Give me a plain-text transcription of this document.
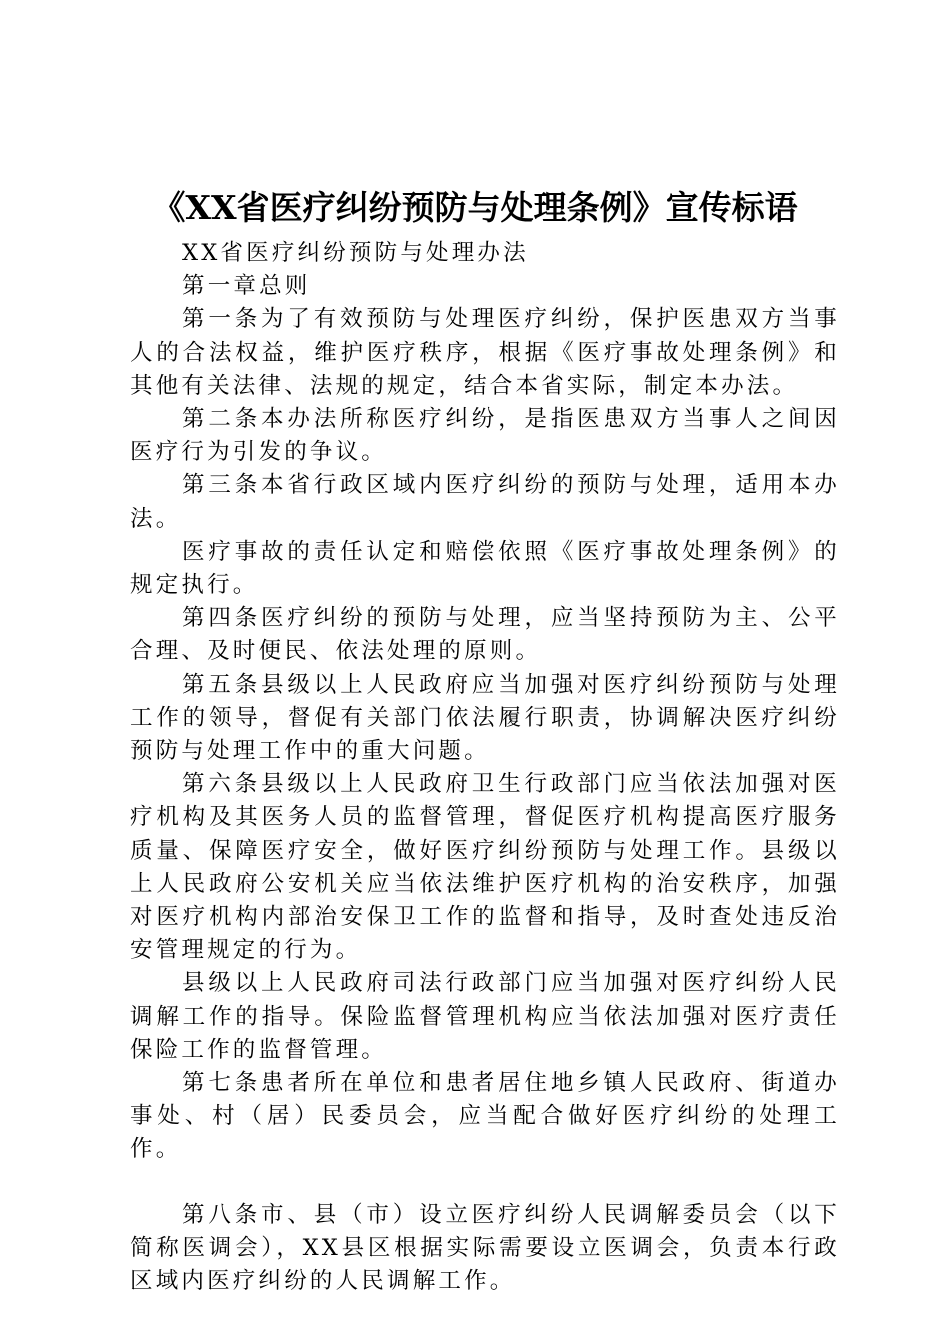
《XX省医疗纠纷预防与处理条例》宣传标语

XX省医疗纠纷预防与处理办法

第一章总则

第一条为了有效预防与处理医疗纠纷，保护医患双方当事人的合法权益，维护医疗秩序，根据《医疗事故处理条例》和其他有关法律、法规的规定，结合本省实际，制定本办法。

第二条本办法所称医疗纠纷，是指医患双方当事人之间因医疗行为引发的争议。

第三条本省行政区域内医疗纠纷的预防与处理，适用本办法。

医疗事故的责任认定和赔偿依照《医疗事故处理条例》的规定执行。

第四条医疗纠纷的预防与处理，应当坚持预防为主、公平合理、及时便民、依法处理的原则。

第五条县级以上人民政府应当加强对医疗纠纷预防与处理工作的领导，督促有关部门依法履行职责，协调解决医疗纠纷预防与处理工作中的重大问题。

第六条县级以上人民政府卫生行政部门应当依法加强对医疗机构及其医务人员的监督管理，督促医疗机构提高医疗服务质量、保障医疗安全，做好医疗纠纷预防与处理工作。县级以上人民政府公安机关应当依法维护医疗机构的治安秩序，加强对医疗机构内部治安保卫工作的监督和指导，及时查处违反治安管理规定的行为。

县级以上人民政府司法行政部门应当加强对医疗纠纷人民调解工作的指导。保险监督管理机构应当依法加强对医疗责任保险工作的监督管理。

第七条患者所在单位和患者居住地乡镇人民政府、街道办事处、村（居）民委员会，应当配合做好医疗纠纷的处理工作。

第八条市、县（市）设立医疗纠纷人民调解委员会（以下简称医调会），XX县区根据实际需要设立医调会，负责本行政区域内医疗纠纷的人民调解工作。
